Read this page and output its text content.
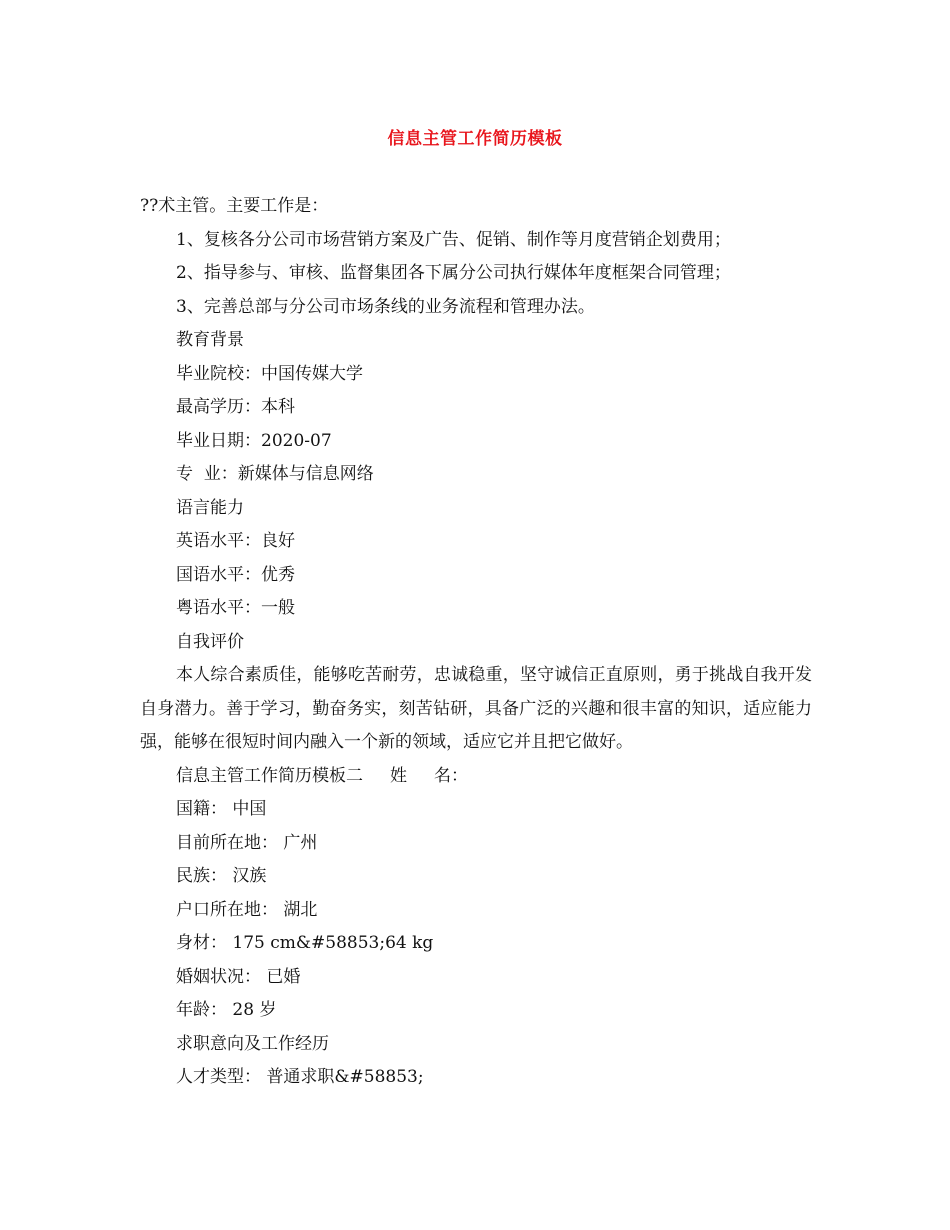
信息主管工作简历模板
??术主管。主要工作是：
1、复核各分公司市场营销方案及广告、促销、制作等月度营销企划费用；
2、指导参与、审核、监督集团各下属分公司执行媒体年度框架合同管理；
3、完善总部与分公司市场条线的业务流程和管理办法。
教育背景
毕业院校：中国传媒大学
最高学历：本科
毕业日期：2020-07
专  业：新媒体与信息网络
语言能力
英语水平：良好
国语水平：优秀
粤语水平：一般
自我评价
本人综合素质佳，能够吃苦耐劳，忠诚稳重，坚守诚信正直原则，勇于挑战自我开发自身潜力。善于学习，勤奋务实，刻苦钻研，具备广泛的兴趣和很丰富的知识，适应能力强，能够在很短时间内融入一个新的领域，适应它并且把它做好。
信息主管工作简历模板二     姓     名：
国籍： 中国
目前所在地： 广州
民族： 汉族
户口所在地： 湖北
身材： 175 cm&#58853;64 kg
婚姻状况： 已婚
年龄： 28 岁
求职意向及工作经历
人才类型： 普通求职&#58853;
